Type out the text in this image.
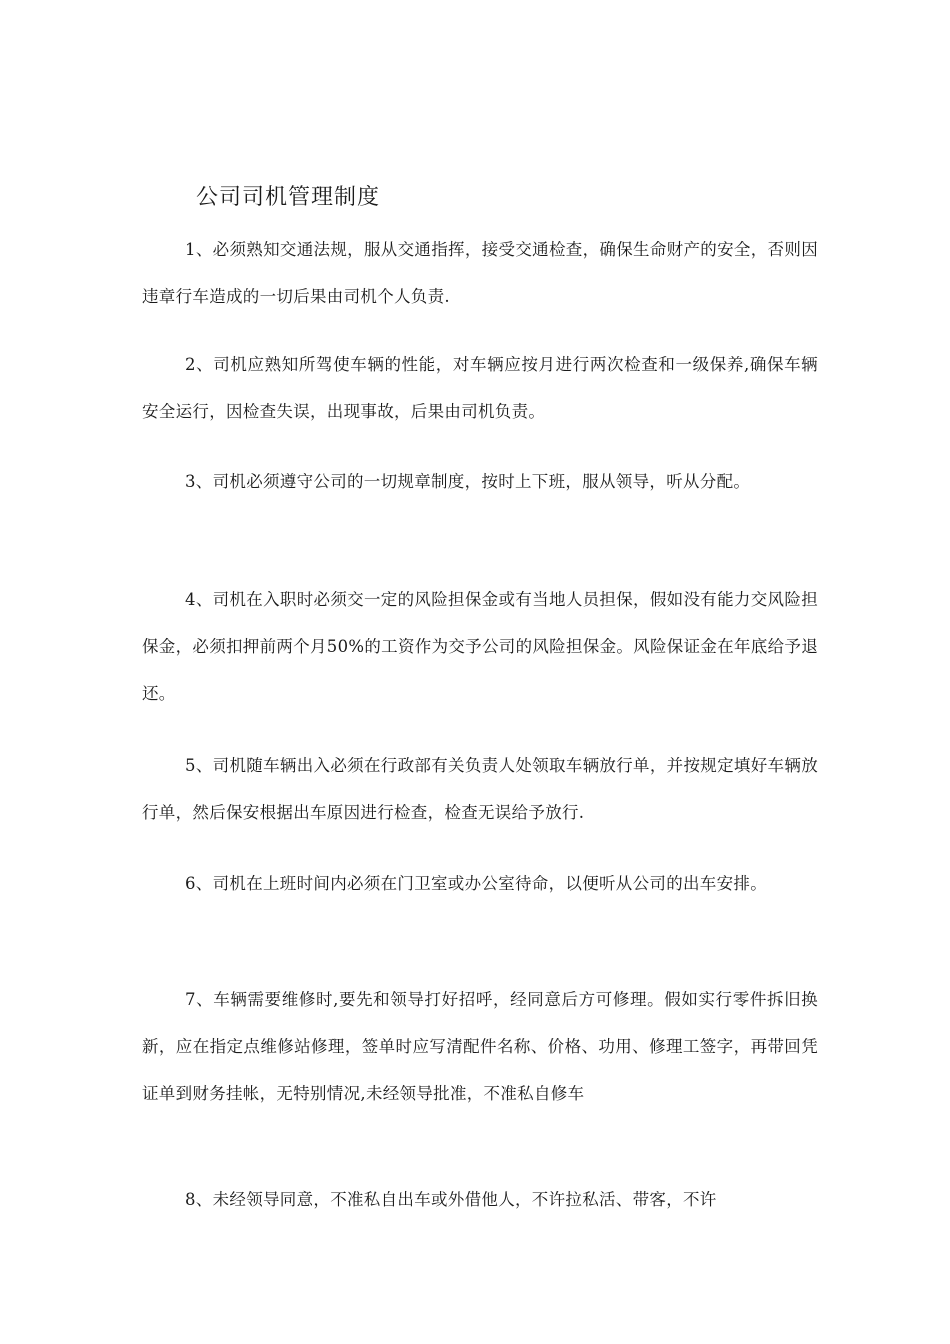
公司司机管理制度

1、必须熟知交通法规，服从交通指挥，接受交通检查，确保生命财产的安全，否则因违章行车造成的一切后果由司机个人负责.

2、司机应熟知所驾使车辆的性能，对车辆应按月进行两次检查和一级保养,确保车辆安全运行，因检查失误，出现事故，后果由司机负责。

3、司机必须遵守公司的一切规章制度，按时上下班，服从领导，听从分配。

4、司机在入职时必须交一定的风险担保金或有当地人员担保，假如没有能力交风险担保金，必须扣押前两个月50%的工资作为交予公司的风险担保金。风险保证金在年底给予退还。

5、司机随车辆出入必须在行政部有关负责人处领取车辆放行单，并按规定填好车辆放行单，然后保安根据出车原因进行检查，检查无误给予放行.

6、司机在上班时间内必须在门卫室或办公室待命，以便听从公司的出车安排。

7、车辆需要维修时,要先和领导打好招呼，经同意后方可修理。假如实行零件拆旧换新，应在指定点维修站修理，签单时应写清配件名称、价格、功用、修理工签字，再带回凭证单到财务挂帐，无特别情况,未经领导批准，不准私自修车

8、未经领导同意，不准私自出车或外借他人，不许拉私活、带客，不许
